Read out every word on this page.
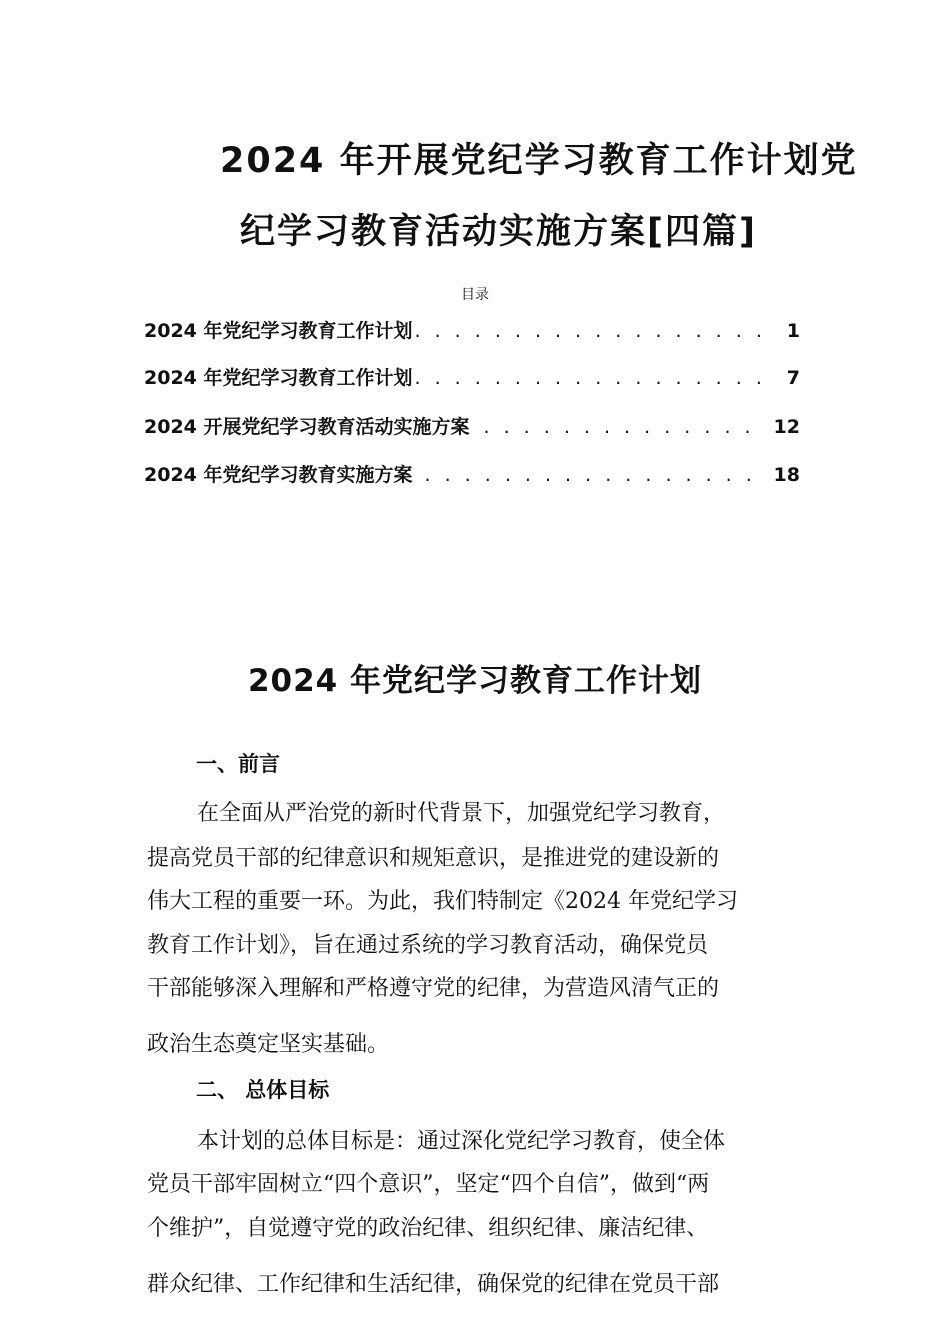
2024 年开展党纪学习教育工作计划党
纪学习教育活动实施方案[四篇]
目录
2024 年党纪学习教育工作计划 . . .	1
2024 年党纪学习教育工作计划 . . .	7
2024 开展党纪学习教育活动实施方案 . . .	12
2024 年党纪学习教育实施方案 . . .	18
2024 年党纪学习教育工作计划
一、前言
在全面从严治党的新时代背景下，加强党纪学习教育，
提高党员干部的纪律意识和规矩意识，是推进党的建设新的
伟大工程的重要一环。为此，我们特制定《2024 年党纪学习
教育工作计划》，旨在通过系统的学习教育活动，确保党员
干部能够深入理解和严格遵守党的纪律，为营造风清气正的
政治生态奠定坚实基础。
二、 总体目标
本计划的总体目标是：通过深化党纪学习教育，使全体
党员干部牢固树立“四个意识”，坚定“四个自信”，做到“两
个维护”，自觉遵守党的政治纪律、组织纪律、廉洁纪律、
群众纪律、工作纪律和生活纪律，确保党的纪律在党员干部
